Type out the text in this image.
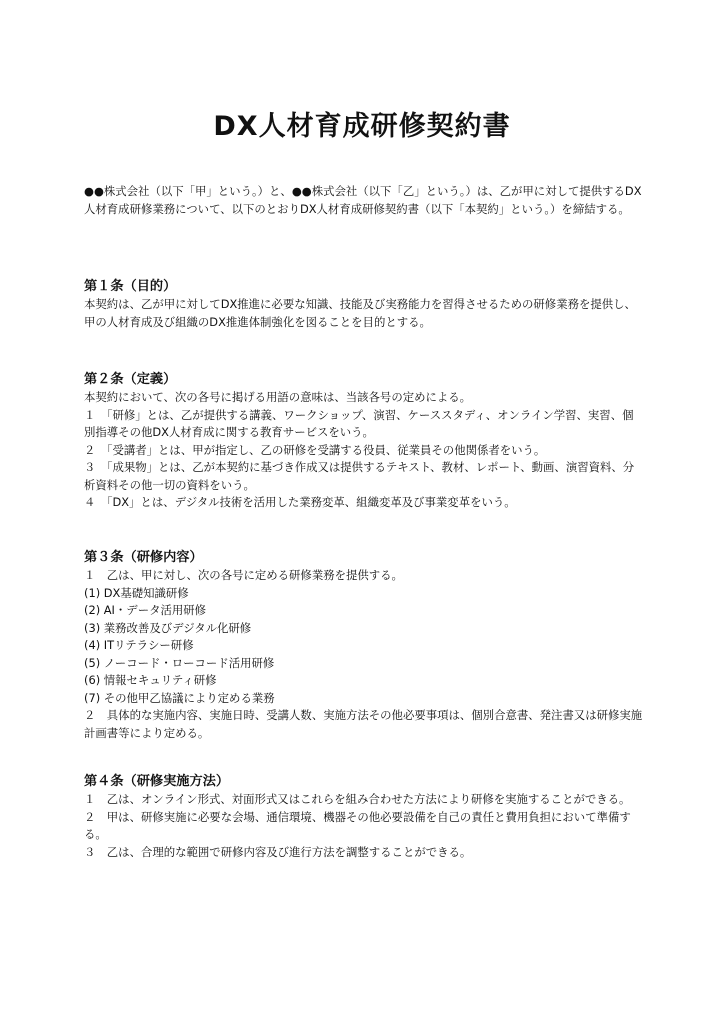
DX人材育成研修契約書

●●株式会社（以下「甲」という。）と、●●株式会社（以下「乙」という。）は、乙が甲に対して提供するDX人材育成研修業務について、以下のとおりDX人材育成研修契約書（以下「本契約」という。）を締結する。

第１条（目的）

本契約は、乙が甲に対してDX推進に必要な知識、技能及び実務能力を習得させるための研修業務を提供し、甲の人材育成及び組織のDX推進体制強化を図ることを目的とする。

第２条（定義）

本契約において、次の各号に掲げる用語の意味は、当該各号の定めによる。

１　「研修」とは、乙が提供する講義、ワークショップ、演習、ケーススタディ、オンライン学習、実習、個別指導その他DX人材育成に関する教育サービスをいう。

２　「受講者」とは、甲が指定し、乙の研修を受講する役員、従業員その他関係者をいう。

３　「成果物」とは、乙が本契約に基づき作成又は提供するテキスト、教材、レポート、動画、演習資料、分析資料その他一切の資料をいう。

４　「DX」とは、デジタル技術を活用した業務変革、組織変革及び事業変革をいう。

第３条（研修内容）

１　乙は、甲に対し、次の各号に定める研修業務を提供する。

(1) DX基礎知識研修

(2) AI・データ活用研修

(3) 業務改善及びデジタル化研修

(4) ITリテラシー研修

(5) ノーコード・ローコード活用研修

(6) 情報セキュリティ研修

(7) その他甲乙協議により定める業務

２　具体的な実施内容、実施日時、受講人数、実施方法その他必要事項は、個別合意書、発注書又は研修実施計画書等により定める。

第４条（研修実施方法）

１　乙は、オンライン形式、対面形式又はこれらを組み合わせた方法により研修を実施することができる。

２　甲は、研修実施に必要な会場、通信環境、機器その他必要設備を自己の責任と費用負担において準備する。

３　乙は、合理的な範囲で研修内容及び進行方法を調整することができる。
